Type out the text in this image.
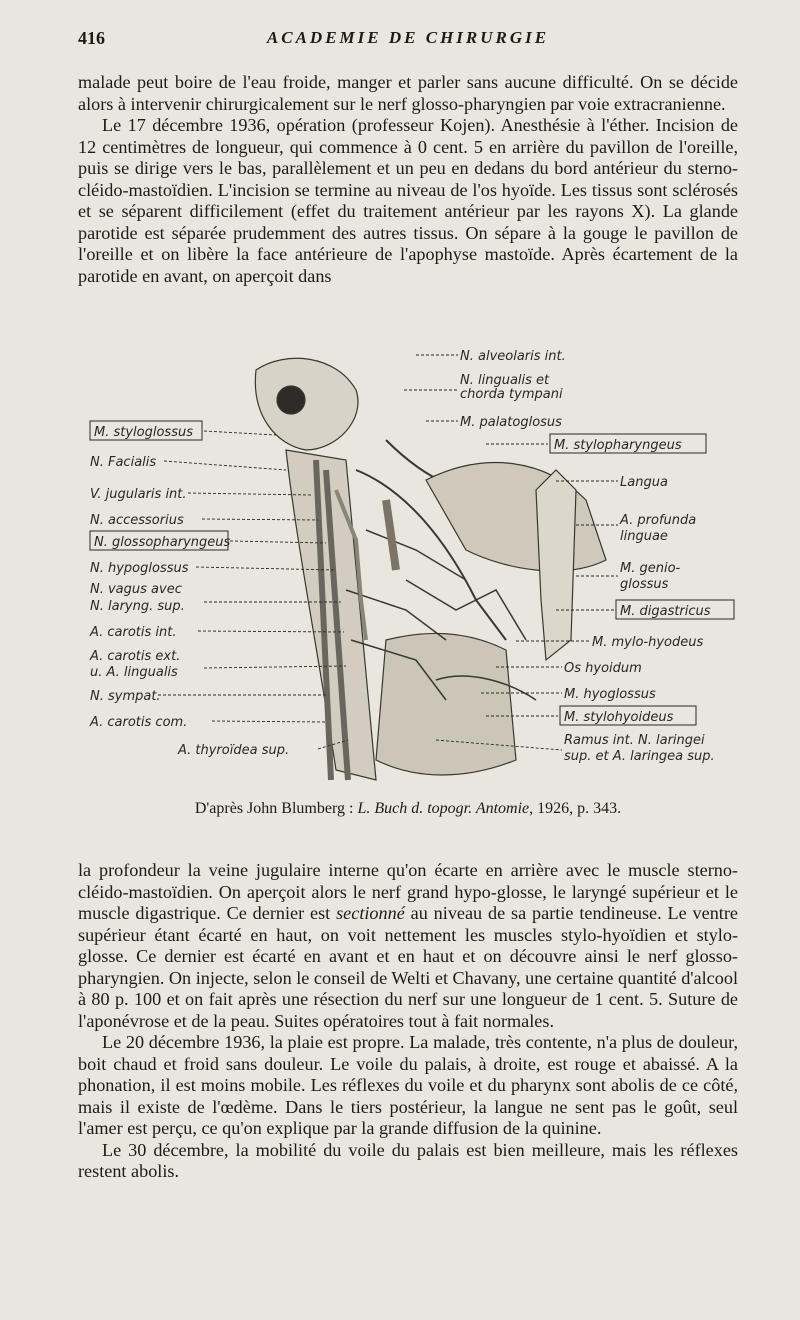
416	ACADEMIE DE CHIRURGIE

malade peut boire de l'eau froide, manger et parler sans aucune difficulté. On se décide alors à intervenir chirurgicalement sur le nerf glosso-pharyngien par voie extracranienne.

Le 17 décembre 1936, opération (professeur Kojen). Anesthésie à l'éther. Incision de 12 centimètres de longueur, qui commence à 0 cent. 5 en arrière du pavillon de l'oreille, puis se dirige vers le bas, parallèlement et un peu en dedans du bord antérieur du sterno-cléido-mastoïdien. L'incision se termine au niveau de l'os hyoïde. Les tissus sont sclérosés et se séparent difficilement (effet du traitement antérieur par les rayons X). La glande parotide est séparée prudemment des autres tissus. On sépare à la gouge le pavillon de l'oreille et on libère la face antérieure de l'apophyse mastoïde. Après écartement de la parotide en avant, on aperçoit dans

M. styloglossus
N. Facialis
V. jugularis int.
N. accessorius
N. glossopharyngeus
N. hypoglossus
N. vagus avec
N. laryng. sup.
A. carotis int.
A. carotis ext.
u. A. lingualis
N. sympat.
A. carotis com.
A. thyroïdea sup.
N. alveolaris int.
N. lingualis et
chorda tympani
M. palatoglosus
M. stylopharyngeus
Langua
A. profunda
linguae
M. genio-
glossus
M. digastricus
M. mylo-hyodeus
Os hyoidum
M. hyoglossus
M. stylohyoideus
Ramus int. N. laringei
sup. et A. laringea sup.
D'après John Blumberg : L. Buch d. topogr. Antomie, 1926, p. 343.

la profondeur la veine jugulaire interne qu'on écarte en arrière avec le muscle sterno-cléido-mastoïdien. On aperçoit alors le nerf grand hypo-glosse, le laryngé supérieur et le muscle digastrique. Ce dernier est sectionné au niveau de sa partie tendineuse. Le ventre supérieur étant écarté en haut, on voit nettement les muscles stylo-hyoïdien et stylo-glosse. Ce dernier est écarté en avant et en haut et on découvre ainsi le nerf glosso-pharyngien. On injecte, selon le conseil de Welti et Chavany, une certaine quantité d'alcool à 80 p. 100 et on fait après une résection du nerf sur une longueur de 1 cent. 5. Suture de l'aponévrose et de la peau. Suites opératoires tout à fait normales.

Le 20 décembre 1936, la plaie est propre. La malade, très contente, n'a plus de douleur, boit chaud et froid sans douleur. Le voile du palais, à droite, est rouge et abaissé. A la phonation, il est moins mobile. Les réflexes du voile et du pharynx sont abolis de ce côté, mais il existe de l'œdème. Dans le tiers postérieur, la langue ne sent pas le goût, seul l'amer est perçu, ce qu'on explique par la grande diffusion de la quinine.

Le 30 décembre, la mobilité du voile du palais est bien meilleure, mais les réflexes restent abolis.
